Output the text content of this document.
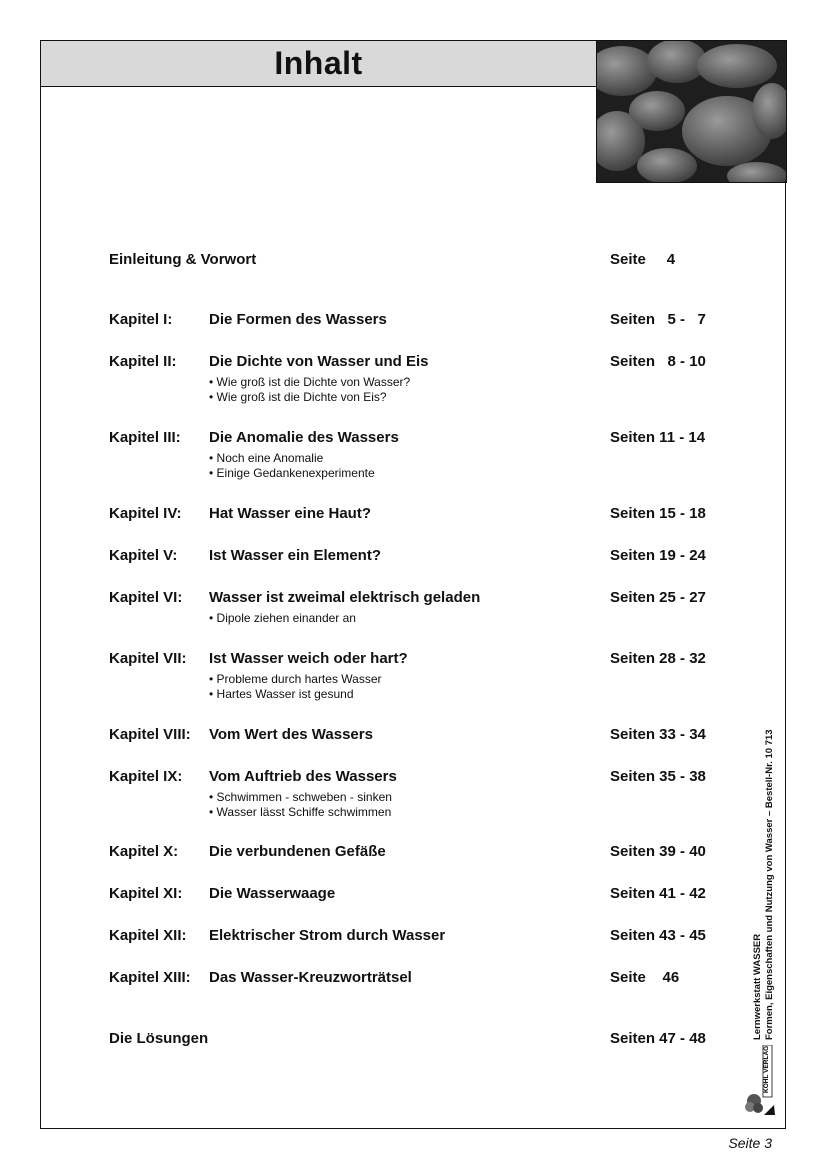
Inhalt
Einleitung & Vorwort	Seite     4
Kapitel I: Die Formen des Wassers	Seiten   5 -   7
Kapitel II: Die Dichte von Wasser und Eis	Seiten   8 - 10
• Wie groß ist die Dichte von Wasser?
• Wie groß ist die Dichte von Eis?
Kapitel III: Die Anomalie des Wassers	Seiten 11 - 14
• Noch eine Anomalie
• Einige Gedankenexperimente
Kapitel IV: Hat Wasser eine Haut?	Seiten 15 - 18
Kapitel V: Ist Wasser ein Element?	Seiten 19 - 24
Kapitel VI: Wasser ist zweimal elektrisch geladen	Seiten 25 - 27
• Dipole ziehen einander an
Kapitel VII: Ist Wasser weich oder hart?	Seiten 28 - 32
• Probleme durch hartes Wasser
• Hartes Wasser ist gesund
Kapitel VIII: Vom Wert des Wassers	Seiten 33 - 34
Kapitel IX: Vom Auftrieb des Wassers	Seiten 35 - 38
• Schwimmen - schweben - sinken
• Wasser lässt Schiffe schwimmen
Kapitel X: Die verbundenen Gefäße	Seiten 39 - 40
Kapitel XI: Die Wasserwaage	Seiten 41 - 42
Kapitel XII: Elektrischer Strom durch Wasser	Seiten 43 - 45
Kapitel XIII: Das Wasser-Kreuzworträtsel	Seite    46
Die Lösungen	Seiten 47 - 48	Lernwerkstatt WASSER Formen, Eigenschaften und Nutzung von Wasser – Bestell-Nr. 10 713
KOHL VERLAG
Seite 3
